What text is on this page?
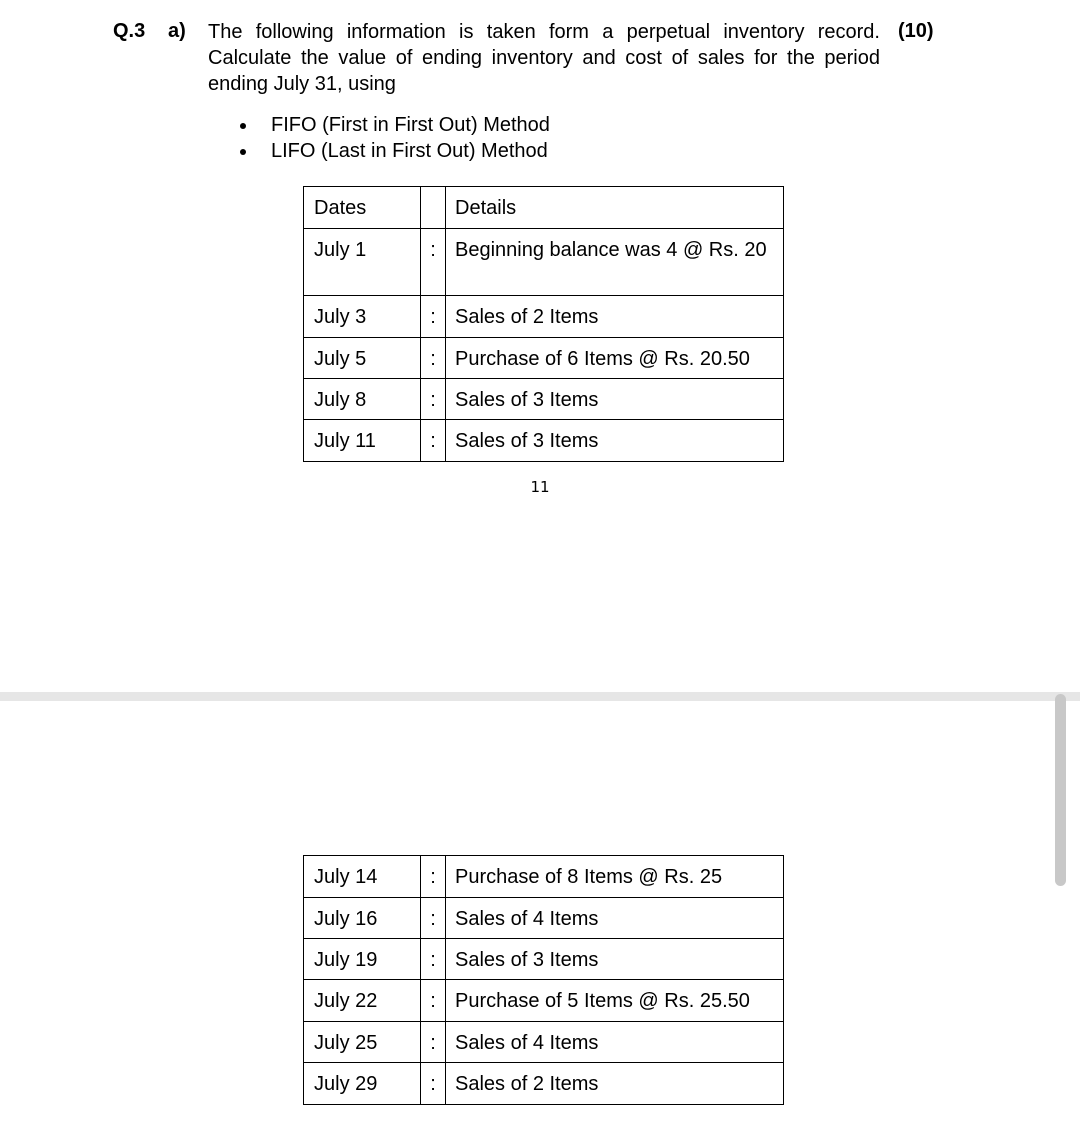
Q.3 a) The following information is taken form a perpetual inventory record. Calculate the value of ending inventory and cost of sales for the period ending July 31, using
(10)
FIFO (First in First Out) Method
LIFO (Last in First Out) Method
Dates		Details
July 1	:	Beginning balance was 4 @ Rs. 20
July 3	:	Sales of 2 Items
July 5	:	Purchase of 6 Items @ Rs. 20.50
July 8	:	Sales of 3 Items
July 11	:	Sales of 3 Items
11
July 14	:	Purchase of 8 Items @ Rs. 25
July 16	:	Sales of 4 Items
July 19	:	Sales of 3 Items
July 22	:	Purchase of 5 Items @ Rs. 25.50
July 25	:	Sales of 4 Items
July 29	:	Sales of 2 Items
